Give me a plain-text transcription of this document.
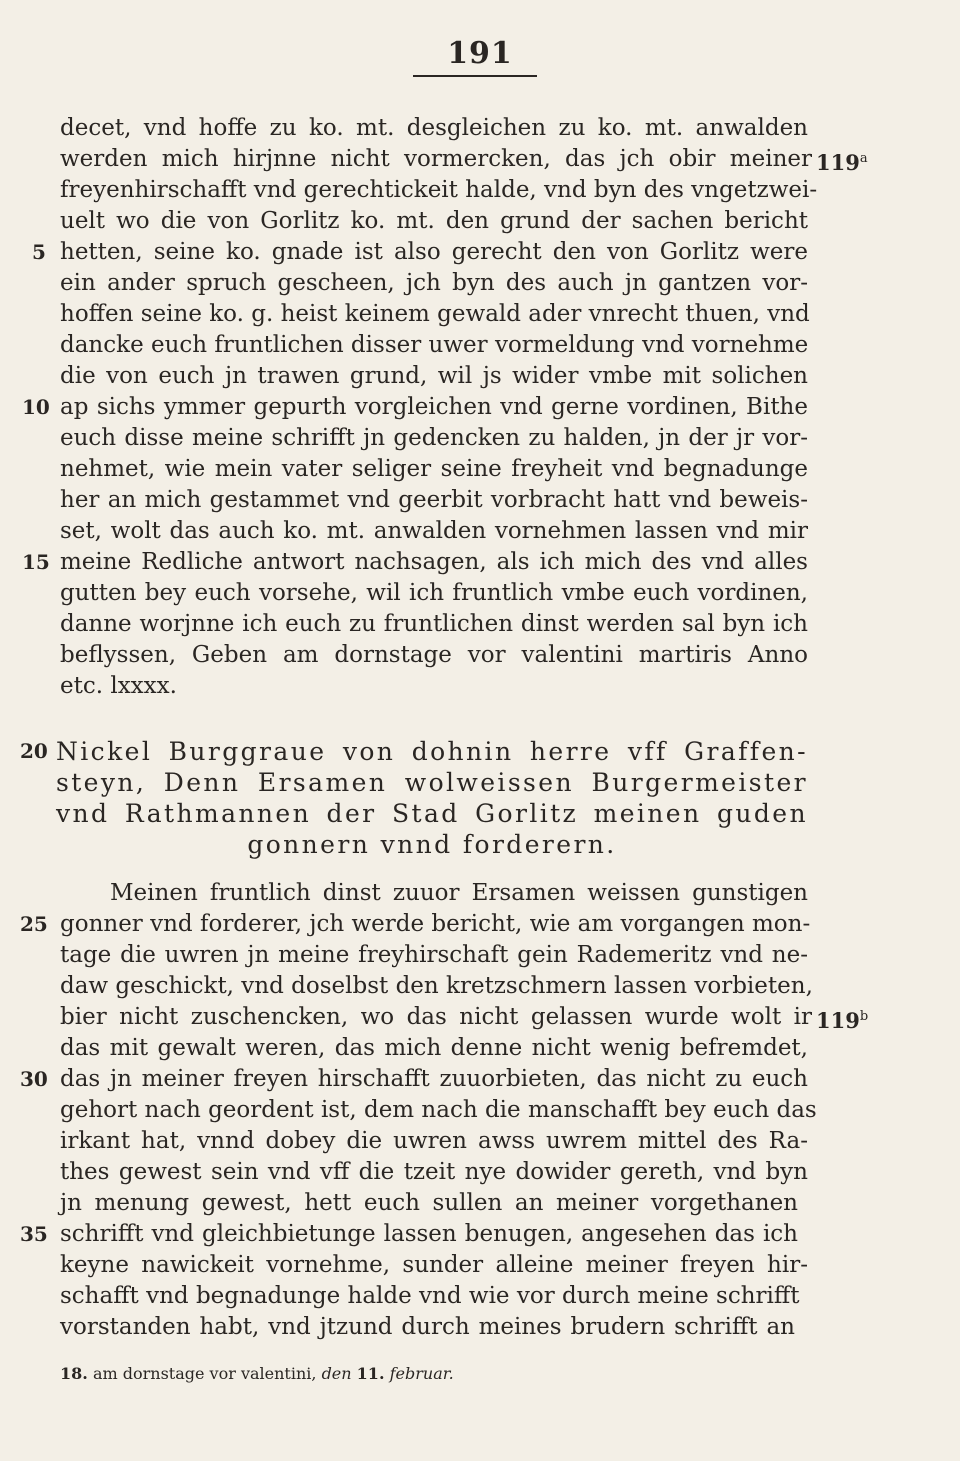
191
decet, vnd hoffe zu ko. mt. desgleichen zu ko. mt. anwalden
werden mich hirjnne nicht vormercken, das jch obir meiner
freyenhirschafft vnd gerechtickeit halde, vnd byn des vngetzwei-
uelt wo die von Gorlitz ko. mt. den grund der sachen bericht
hetten, seine ko. gnade ist also gerecht den von Gorlitz were
ein ander spruch gescheen, jch byn des auch jn gantzen vor-
hoffen seine ko. g. heist keinem gewald ader vnrecht thuen, vnd
dancke euch fruntlichen disser uwer vormeldung vnd vornehme
die von euch jn trawen grund, wil js wider vmbe mit solichen
ap sichs ymmer gepurth vorgleichen vnd gerne vordinen, Bithe
euch disse meine schrifft jn gedencken zu halden, jn der jr vor-
nehmet, wie mein vater seliger seine freyheit vnd begnadunge
her an mich gestammet vnd geerbit vorbracht hatt vnd beweis-
set, wolt das auch ko. mt. anwalden vornehmen lassen vnd mir
meine Redliche antwort nachsagen, als ich mich des vnd alles
gutten bey euch vorsehe, wil ich fruntlich vmbe euch vordinen,
danne worjnne ich euch zu fruntlichen dinst werden sal byn ich
beflyssen, Geben am dornstage vor valentini martiris Anno
etc. lxxxx.
Nickel Burggraue von dohnin herre vff Graffen-
steyn, Denn Ersamen wolweissen Burgermeister
vnd Rathmannen der Stad Gorlitz meinen guden
gonnern vnnd forderern.
Meinen fruntlich dinst zuuor Ersamen weissen gunstigen
gonner vnd forderer, jch werde bericht, wie am vorgangen mon-
tage die uwren jn meine freyhirschaft gein Rademeritz vnd ne-
daw geschickt, vnd doselbst den kretzschmern lassen vorbieten,
bier nicht zuschencken, wo das nicht gelassen wurde wolt ir
das mit gewalt weren, das mich denne nicht wenig befremdet,
das jn meiner freyen hirschafft zuuorbieten, das nicht zu euch
gehort nach geordent ist, dem nach die manschafft bey euch das
irkant hat, vnnd dobey die uwren awss uwrem mittel des Ra-
thes gewest sein vnd vff die tzeit nye dowider gereth, vnd byn
jn menung gewest, hett euch sullen an meiner vorgethanen
schrifft vnd gleichbietunge lassen benugen, angesehen das ich
keyne nawickeit vornehme, sunder alleine meiner freyen hir-
schafft vnd begnadunge halde vnd wie vor durch meine schrifft
vorstanden habt, vnd jtzund durch meines brudern schrifft an
5
10
15
20
25
30
35
119$^a$
119$^b$
18. am dornstage vor valentini, den 11. februar.
